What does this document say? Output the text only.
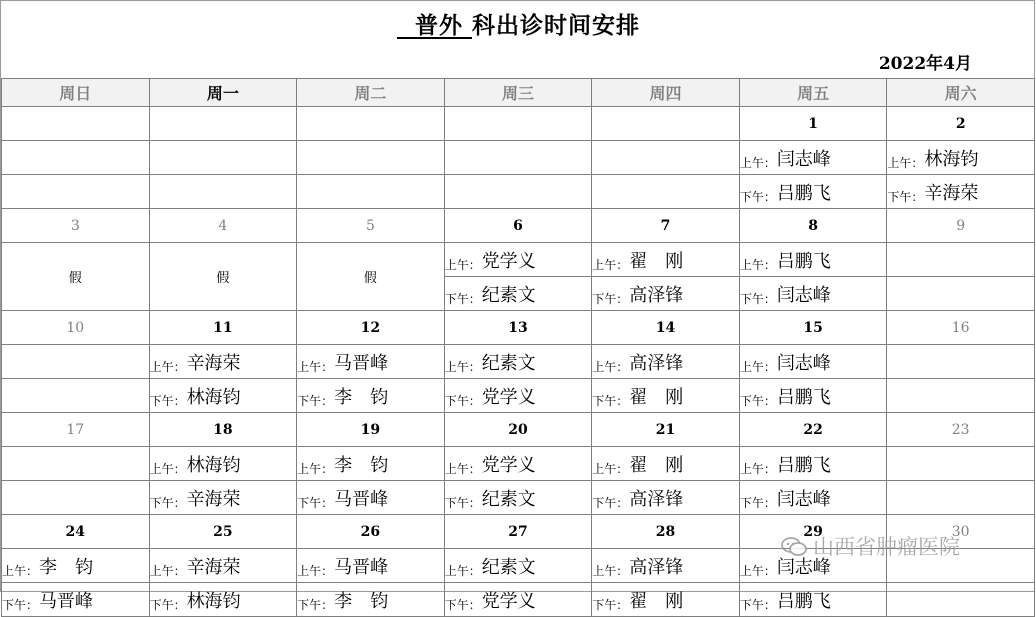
普外 科出诊时间安排
2022年4月
周日	周一	周二	周三	周四	周五	周六
					1	2
					上午：闫志峰	上午：林海钧
					下午：吕鹏飞	下午：辛海荣
3	4	5	6	7	8	9
假	假	假	上午：党学义	上午：翟　刚	上午：吕鹏飞	
			下午：纪素文	下午：高泽锋	下午：闫志峰	
10	11	12	13	14	15	16
	上午：辛海荣	上午：马晋峰	上午：纪素文	上午：高泽锋	上午：闫志峰	
	下午：林海钧	下午：李　钧	下午：党学义	下午：翟　刚	下午：吕鹏飞	
17	18	19	20	21	22	23
	上午：林海钧	上午：李　钧	上午：党学义	上午：翟　刚	上午：吕鹏飞	
	下午：辛海荣	下午：马晋峰	下午：纪素文	下午：高泽锋	下午：闫志峰	
24	25	26	27	28	29	30
上午：李　钧	上午：辛海荣	上午：马晋峰	上午：纪素文	上午：高泽锋	上午：闫志峰	
下午：马晋峰	下午：林海钧	下午：李　钧	下午：党学义	下午：翟　刚	下午：吕鹏飞	
山西省肿瘤医院
